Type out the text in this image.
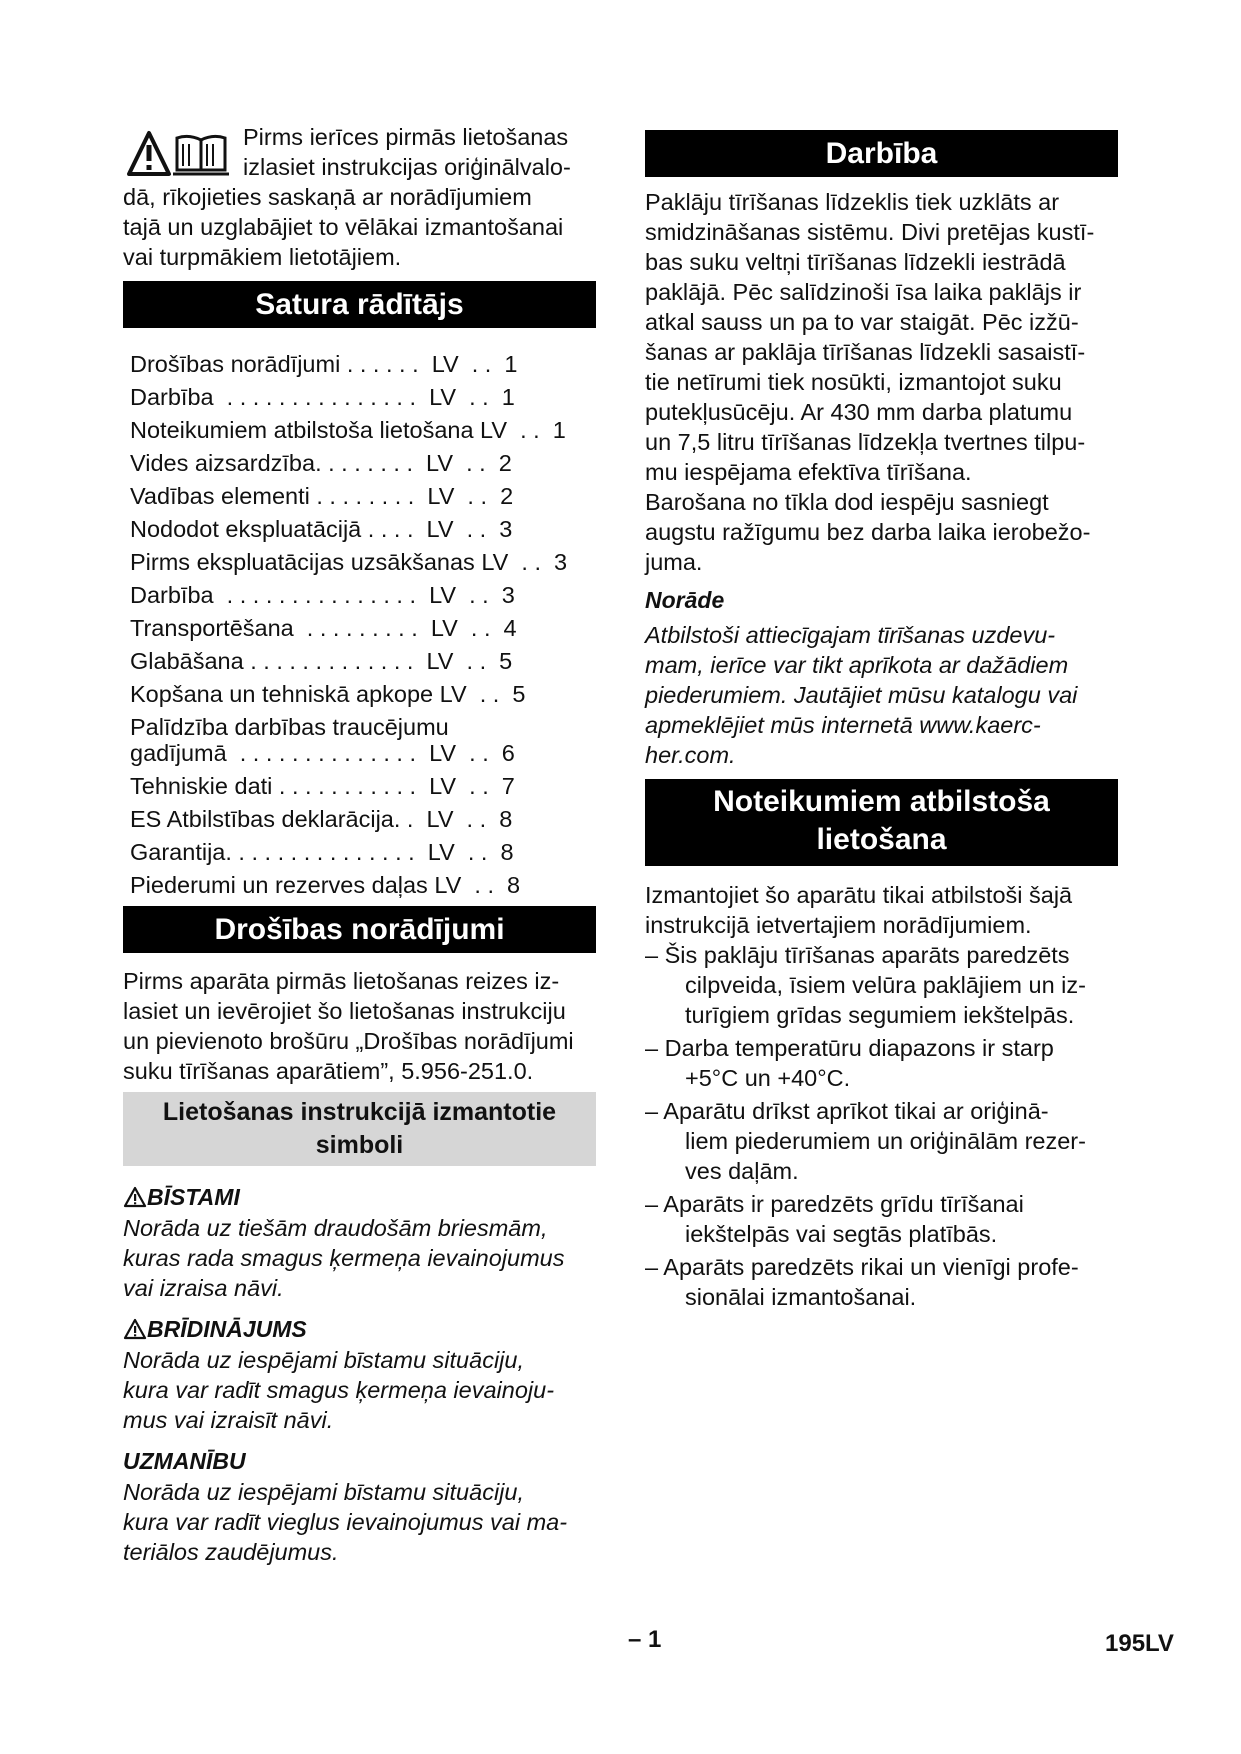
Pirms ierīces pirmās lietošanas

izlasiet instrukcijas oriģinālvalo-

dā, rīkojieties saskaņā ar norādījumiem

tajā un uzglabājiet to vēlākai izmantošanai

vai turpmākiem lietotājiem.

Satura rādītājs
Drošības norādījumi . . . . . .  LV  . .  1
Darbība  . . . . . . . . . . . . . . .  LV  . .  1
Noteikumiem atbilstoša lietošana LV  . .  1
Vides aizsardzība. . . . . . . .  LV  . .  2
Vadības elementi . . . . . . . .  LV  . .  2
Nododot ekspluatācijā . . . .  LV  . .  3
Pirms ekspluatācijas uzsākšanas LV  . .  3
Darbība  . . . . . . . . . . . . . . .  LV  . .  3
Transportēšana  . . . . . . . . .  LV  . .  4
Glabāšana . . . . . . . . . . . . .  LV  . .  5
Kopšana un tehniskā apkope LV  . .  5
Palīdzība darbības traucējumu
gadījumā  . . . . . . . . . . . . . .  LV  . .  6
Tehniskie dati . . . . . . . . . . .  LV  . .  7
ES Atbilstības deklarācija. .  LV  . .  8
Garantija. . . . . . . . . . . . . . .  LV  . .  8
Piederumi un rezerves daļas LV  . .  8
Drošības norādījumi

Pirms aparāta pirmās lietošanas reizes iz-

lasiet un ievērojiet šo lietošanas instrukciju

un pievienoto brošūru „Drošības norādījumi

suku tīrīšanas aparātiem”, 5.956-251.0.

Lietošanas instrukcijā izmantotie
simboli
BĪSTAMI

Norāda uz tiešām draudošām briesmām,

kuras rada smagus ķermeņa ievainojumus

vai izraisa nāvi.

BRĪDINĀJUMS

Norāda uz iespējami bīstamu situāciju,

kura var radīt smagus ķermeņa ievainoju-

mus vai izraisīt nāvi.

UZMANĪBU

Norāda uz iespējami bīstamu situāciju,

kura var radīt vieglus ievainojumus vai ma-

teriālos zaudējumus.

Darbība

Paklāju tīrīšanas līdzeklis tiek uzklāts ar

smidzināšanas sistēmu. Divi pretējas kustī-

bas suku veltņi tīrīšanas līdzekli iestrādā

paklājā. Pēc salīdzinoši īsa laika paklājs ir

atkal sauss un pa to var staigāt. Pēc izžū-

šanas ar paklāja tīrīšanas līdzekli sasaistī-

tie netīrumi tiek nosūkti, izmantojot suku

putekļusūcēju. Ar 430 mm darba platumu

un 7,5 litru tīrīšanas līdzekļa tvertnes tilpu-

mu iespējama efektīva tīrīšana.

Barošana no tīkla dod iespēju sasniegt

augstu ražīgumu bez darba laika ierobežo-

juma.

Norāde

Atbilstoši attiecīgajam tīrīšanas uzdevu-

mam, ierīce var tikt aprīkota ar dažādiem

piederumiem. Jautājiet mūsu katalogu vai

apmeklējiet mūs internetā www.kaerc-

her.com.

Noteikumiem atbilstoša
lietošana

Izmantojiet šo aparātu tikai atbilstoši šajā

instrukcijā ietvertajiem norādījumiem.

– Šis paklāju tīrīšanas aparāts paredzēts

cilpveida, īsiem velūra paklājiem un iz-

turīgiem grīdas segumiem iekštelpās.

– Darba temperatūru diapazons ir starp

+5°C un +40°C.

– Aparātu drīkst aprīkot tikai ar oriģinā-

liem piederumiem un oriģinālām rezer-

ves daļām.

– Aparāts ir paredzēts grīdu tīrīšanai

iekštelpās vai segtās platībās.

– Aparāts paredzēts rikai un vienīgi profe-

sionālai izmantošanai.

– 1	195LV
